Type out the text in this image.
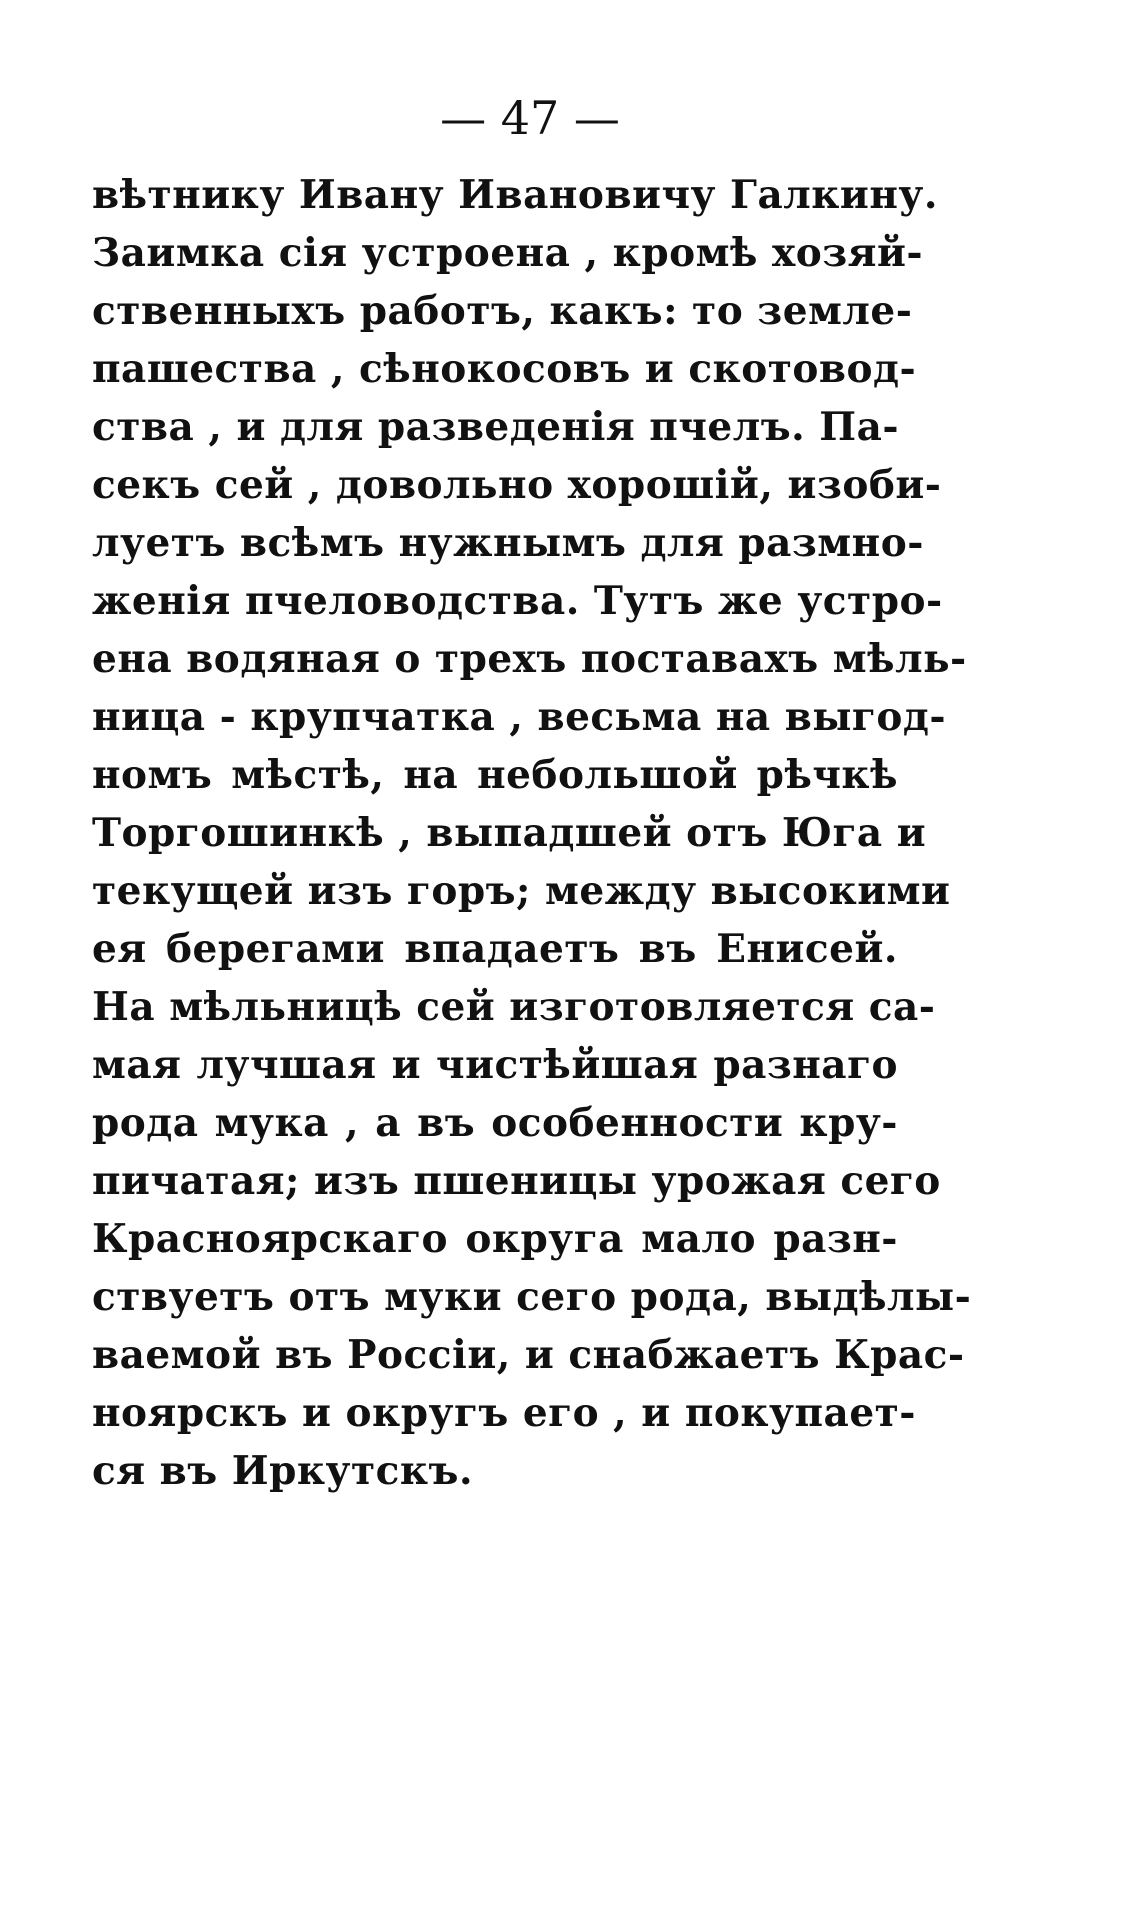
— 47 —
вѣтнику Ивану Ивановичу Галкину.
Заимка сія устроена , кромѣ хозяй-
ственныхъ работъ, какъ: то земле-
пашества , сѣнокосовъ и скотовод-
ства , и для разведенія пчелъ. Па-
секъ сей , довольно хорошій, изоби-
луетъ всѣмъ нужнымъ для размно-
женія пчеловодства. Тутъ же устро-
ена водяная о трехъ поставахъ мѣль-
ница - крупчатка , весьма на выгод-
номъ мѣстѣ, на небольшой рѣчкѣ
Торгошинкѣ , выпадшей отъ Юга и
текущей изъ горъ; между высокими
ея берегами впадаетъ въ Енисей.
На мѣльницѣ сей изготовляется са-
мая лучшая и чистѣйшая разнаго
рода мука , а въ особенности кру-
пичатая; изъ пшеницы урожая сего
Красноярскаго округа мало разн-
ствуетъ отъ муки сего рода, выдѣлы-
ваемой въ Россіи, и снабжаетъ Крас-
ноярскъ и округъ его , и покупает-
ся въ Иркутскъ.
